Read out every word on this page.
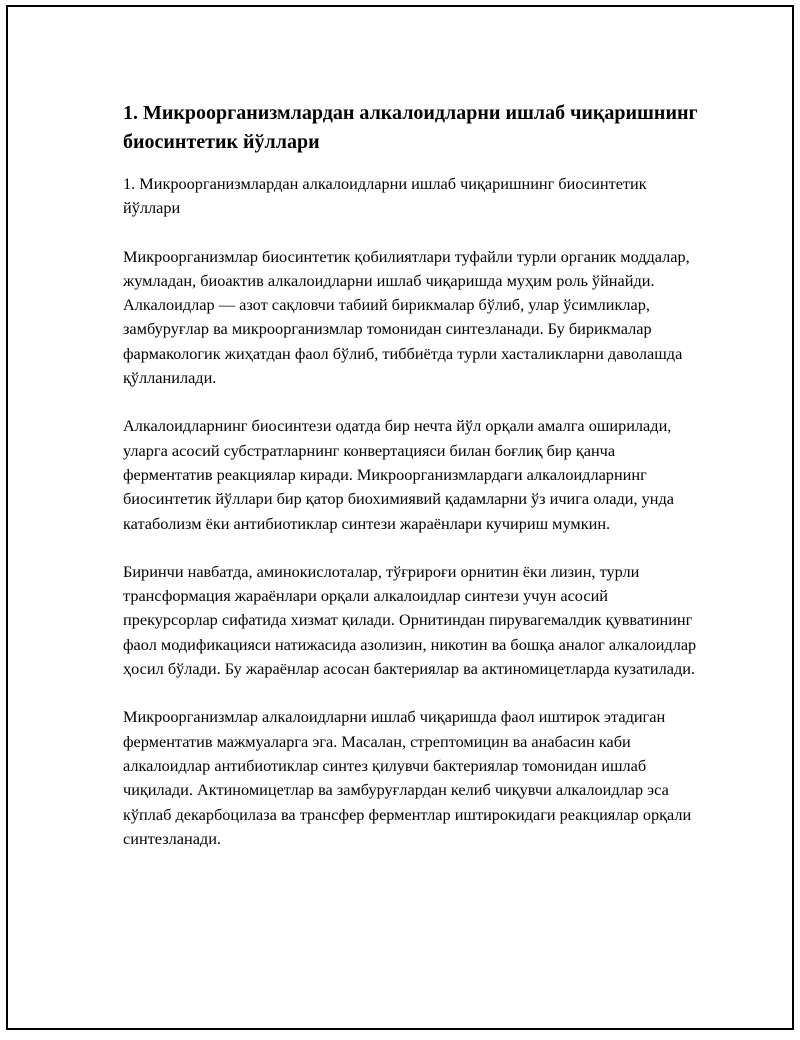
1. Микроорганизмлардан алкалоидларни ишлаб чиқаришнинг биосинтетик йўллари

1. Микроорганизмлардан алкалоидларни ишлаб чиқаришнинг биосинтетик йўллари

Микроорганизмлар биосинтетик қобилиятлари туфайли турли органик моддалар, жумладан, биоактив алкалоидларни ишлаб чиқаришда муҳим роль ўйнайди. Алкалоидлар — азот сақловчи табиий бирикмалар бўлиб, улар ўсимликлар, замбуруғлар ва микроорганизмлар томонидан синтезланади. Бу бирикмалар фармакологик жиҳатдан фаол бўлиб, тиббиётда турли хасталикларни даволашда қўлланилади.

Алкалоидларнинг биосинтези одатда бир нечта йўл орқали амалга оширилади, уларга асосий субстратларнинг конвертацияси билан боғлиқ бир қанча ферментатив реакциялар киради. Микроорганизмлардаги алкалоидларнинг биосинтетик йўллари бир қатор биохимиявий қадамларни ўз ичига олади, унда катаболизм ёки антибиотиклар синтези жараёнлари кучириш мумкин.

Биринчи навбатда, аминокислоталар, тўғрироғи орнитин ёки лизин, турли трансформация жараёнлари орқали алкалоидлар синтези учун асосий прекурсорлар сифатида хизмат қилади. Орнитиндан пирувагемалдик қувватининг фаол модификацияси натижасида азолизин, никотин ва бошқа аналог алкалоидлар ҳосил бўлади. Бу жараёнлар асосан бактериялар ва актиномицетларда кузатилади.

Микроорганизмлар алкалоидларни ишлаб чиқаришда фаол иштирок этадиган ферментатив мажмуаларга эга. Масалан, стрептомицин ва анабасин каби алкалоидлар антибиотиклар синтез қилувчи бактериялар томонидан ишлаб чиқилади. Актиномицетлар ва замбуруғлардан келиб чиқувчи алкалоидлар эса кўплаб декарбоцилаза ва трансфер ферментлар иштирокидаги реакциялар орқали синтезланади.
